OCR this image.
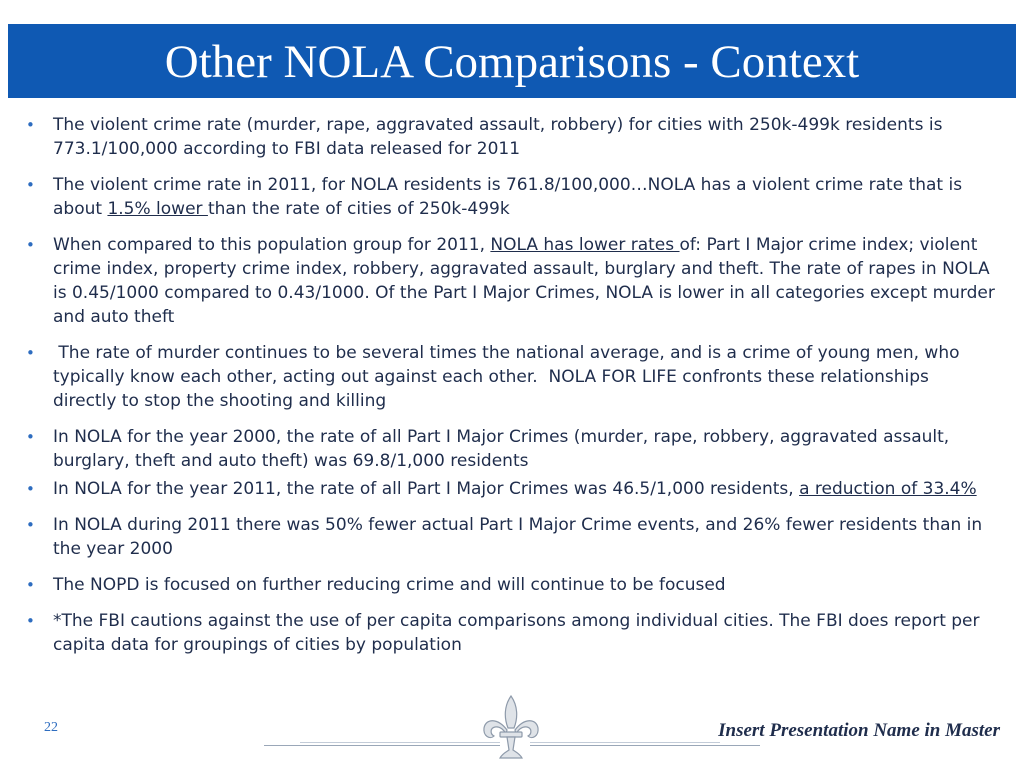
Other NOLA Comparisons - Context
• The violent crime rate (murder, rape, aggravated assault, robbery) for cities with 250k-499k residents is 773.1/100,000 according to FBI data released for 2011
• The violent crime rate in 2011, for NOLA residents is 761.8/100,000…NOLA has a violent crime rate that is about 1.5% lower than the rate of cities of 250k-499k
• When compared to this population group for 2011, NOLA has lower rates of: Part I Major crime index; violent crime index, property crime index, robbery, aggravated assault, burglary and theft. The rate of rapes in NOLA is 0.45/1000 compared to 0.43/1000. Of the Part I Major Crimes, NOLA is lower in all categories except murder and auto theft
• The rate of murder continues to be several times the national average, and is a crime of young men, who typically know each other, acting out against each other.  NOLA FOR LIFE confronts these relationships directly to stop the shooting and killing
• In NOLA for the year 2000, the rate of all Part I Major Crimes (murder, rape, robbery, aggravated assault, burglary, theft and auto theft) was 69.8/1,000 residents
• In NOLA for the year 2011, the rate of all Part I Major Crimes was 46.5/1,000 residents, a reduction of 33.4%
• In NOLA during 2011 there was 50% fewer actual Part I Major Crime events, and 26% fewer residents than in the year 2000
• The NOPD is focused on further reducing crime and will continue to be focused
• *The FBI cautions against the use of per capita comparisons among individual cities. The FBI does report per capita data for groupings of cities by population
22	Insert Presentation Name in Master
